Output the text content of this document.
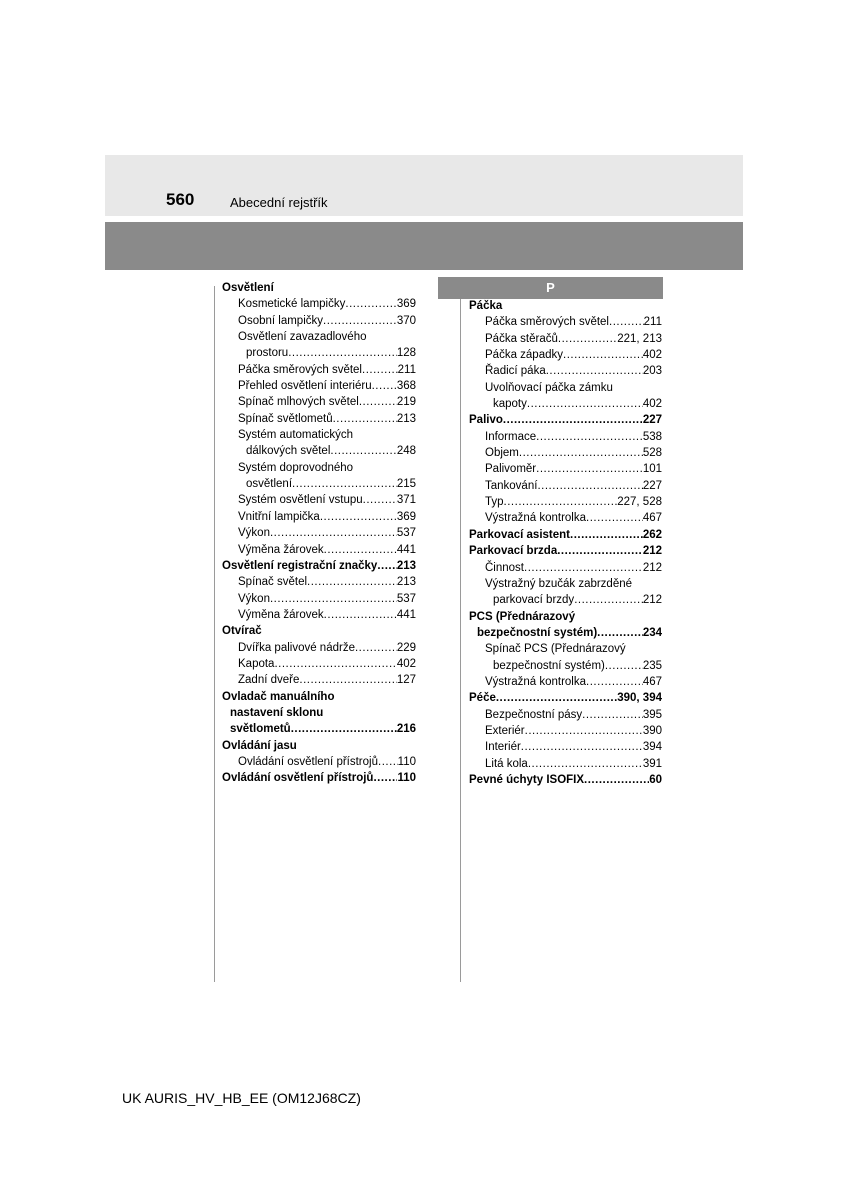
560	Abecední rejstřík
P
Osvětlení
Kosmetické lampičky .....	369
Osobní lampičky .....	370
Osvětlení zavazadlového
prostoru .....	128
Páčka směrových světel .....	211
Přehled osvětlení interiéru ..... 368
Spínač mlhových světel .....	219
Spínač světlometů .....	213
Systém automatických
dálkových světel .....	248
Systém doprovodného
osvětlení .....	215
Systém osvětlení vstupu .....	371
Vnitřní lampička .....	369
Výkon .....	537
Výměna žárovek .....	441
Osvětlení registrační značky ..... 213
Spínač světel .....	213
Výkon .....	537
Výměna žárovek .....	441
Otvírač
Dvířka palivové nádrže .....	229
Kapota .....	402
Zadní dveře .....	127
Ovladač manuálního
nastavení sklonu
světlometů .....	216
Ovládání jasu
Ovládání osvětlení přístrojů ..... 110
Ovládání osvětlení přístrojů ..... 110
Páčka
Páčka směrových světel .....	211
Páčka stěračů .....	221, 213
Páčka západky .....	402
Řadicí páka .....	203
Uvolňovací páčka zámku
kapoty .....	402
Palivo .....	227
Informace .....	538
Objem .....	528
Palivoměr .....	101
Tankování .....	227
Typ .....	227, 528
Výstražná kontrolka .....	467
Parkovací asistent .....	262
Parkovací brzda .....	212
Činnost .....	212
Výstražný bzučák zabrzděné
parkovací brzdy .....	212
PCS (Přednárazový
bezpečnostní systém) .....	234
Spínač PCS (Přednárazový
bezpečnostní systém) .....	235
Výstražná kontrolka .....	467
Péče .....	390, 394
Bezpečnostní pásy .....	395
Exteriér .....	390
Interiér .....	394
Litá kola .....	391
Pevné úchyty ISOFIX .....	60
UK AURIS_HV_HB_EE (OM12J68CZ)
